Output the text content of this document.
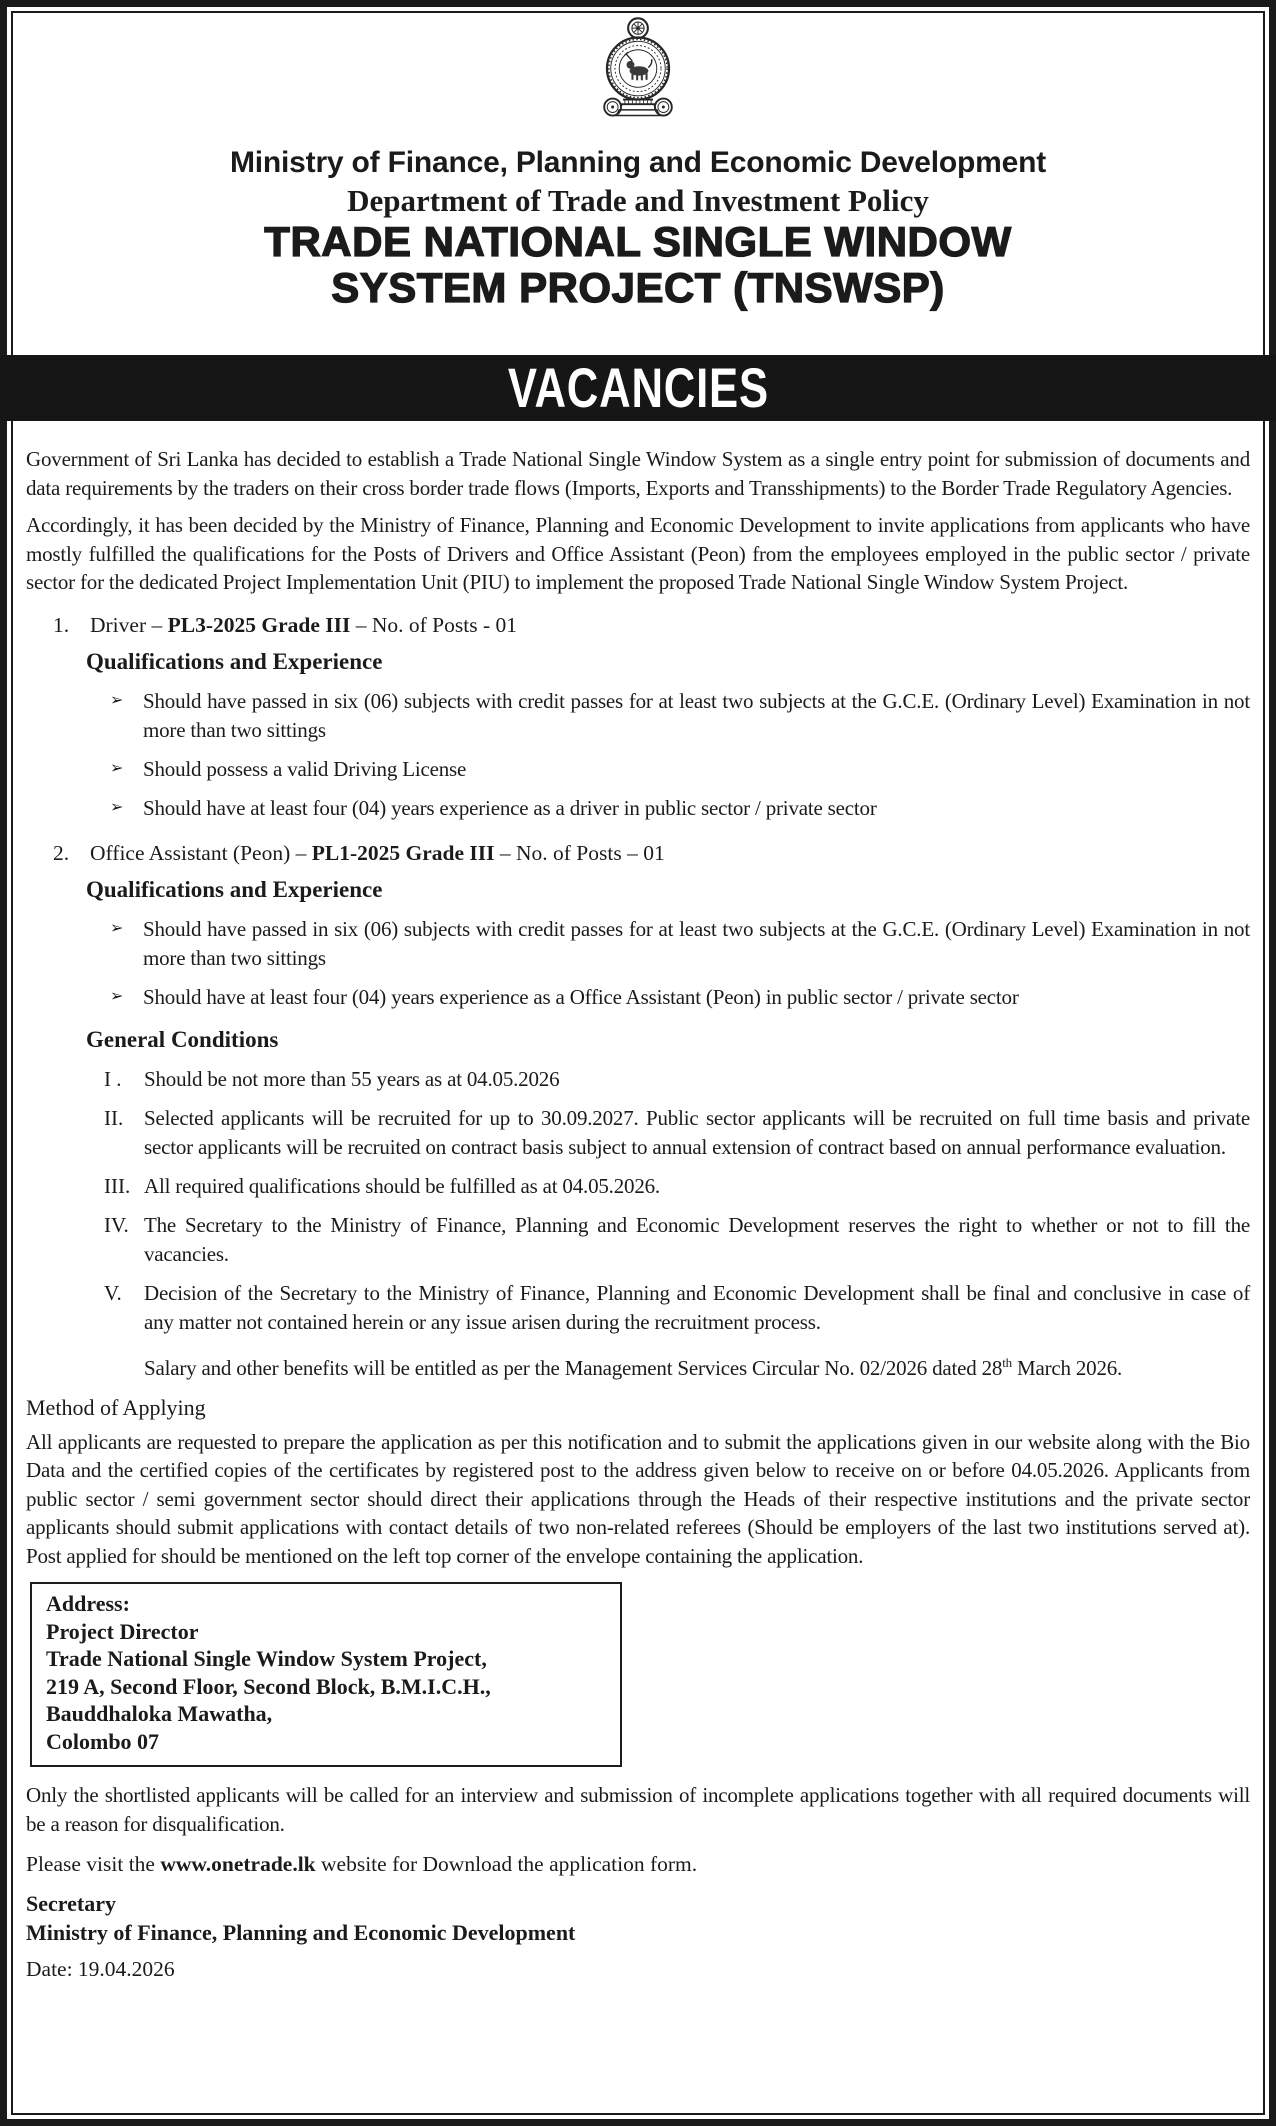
Ministry of Finance, Planning and Economic Development
Department of Trade and Investment Policy
TRADE NATIONAL SINGLE WINDOW
SYSTEM PROJECT (TNSWSP)
VACANCIES

Government of Sri Lanka has decided to establish a Trade National Single Window System as a single entry point for submission of documents and data requirements by the traders on their cross border trade flows (Imports, Exports and Transshipments) to the Border Trade Regulatory Agencies.

Accordingly, it has been decided by the Ministry of Finance, Planning and Economic Development to invite applications from applicants who have mostly fulfilled the qualifications for the Posts of Drivers and Office Assistant (Peon) from the employees employed in the public sector / private sector for the dedicated Project Implementation Unit (PIU) to implement the proposed Trade National Single Window System Project.

1. Driver – PL3-2025 Grade III – No. of Posts - 01
Qualifications and Experience
➢ Should have passed in six (06) subjects with credit passes for at least two subjects at the G.C.E. (Ordinary Level) Examination in not more than two sittings
➢ Should possess a valid Driving License
➢ Should have at least four (04) years experience as a driver in public sector / private sector
2. Office Assistant (Peon) – PL1-2025 Grade III – No. of Posts – 01
Qualifications and Experience
➢ Should have passed in six (06) subjects with credit passes for at least two subjects at the G.C.E. (Ordinary Level) Examination in not more than two sittings
➢ Should have at least four (04) years experience as a Office Assistant (Peon) in public sector / private sector
General Conditions
I .	Should be not more than 55 years as at 04.05.2026
II. Selected applicants will be recruited for up to 30.09.2027. Public sector applicants will be recruited on full time basis and private sector applicants will be recruited on contract basis subject to annual extension of contract based on annual performance evaluation.
III. All required qualifications should be fulfilled as at 04.05.2026.
IV. The Secretary to the Ministry of Finance, Planning and Economic Development reserves the right to whether or not to fill the vacancies.
V.	Decision of the Secretary to the Ministry of Finance, Planning and Economic Development shall be final and conclusive in case of any matter not contained herein or any issue arisen during the recruitment process.
Salary and other benefits will be entitled as per the Management Services Circular No. 02/2026 dated 28th March 2026.
Method of Applying

All applicants are requested to prepare the application as per this notification and to submit the applications given in our website along with the Bio Data and the certified copies of the certificates by registered post to the address given below to receive on or before 04.05.2026. Applicants from public sector / semi government sector should direct their applications through the Heads of their respective institutions and the private sector applicants should submit applications with contact details of two non-related referees (Should be employers of the last two institutions served at). Post applied for should be mentioned on the left top corner of the envelope containing the application.

Address:
Project Director
Trade National Single Window System Project,
219 A, Second Floor, Second Block, B.M.I.C.H.,
Bauddhaloka Mawatha,
Colombo 07

Only the shortlisted applicants will be called for an interview and submission of incomplete applications together with all required documents will be a reason for disqualification.

Please visit the www.onetrade.lk website for Download the application form.

Secretary
Ministry of Finance, Planning and Economic Development
Date: 19.04.2026
